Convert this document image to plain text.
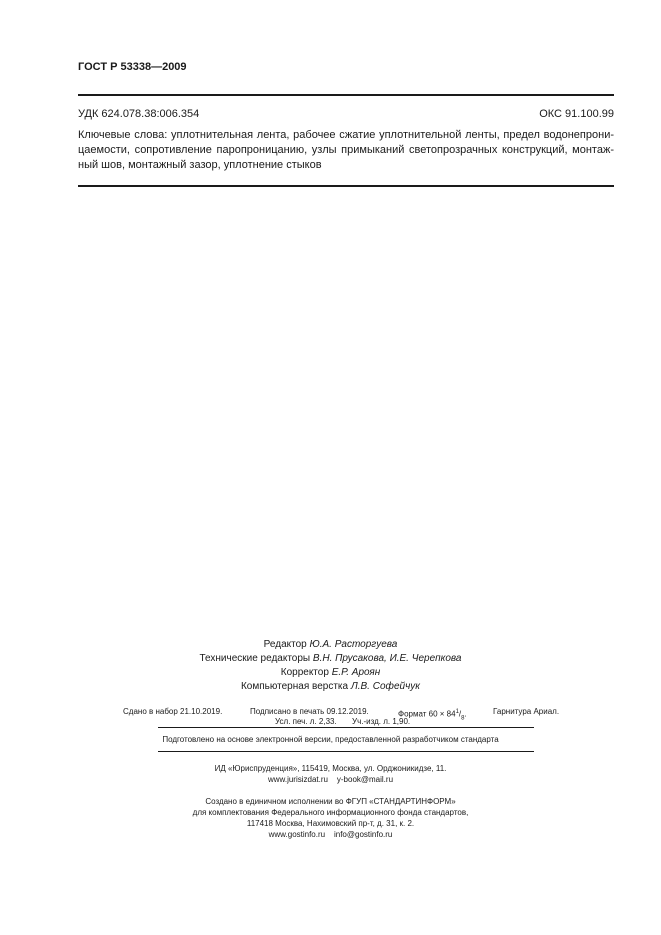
ГОСТ Р 53338—2009
УДК 624.078.38:006.354	ОКС 91.100.99
Ключевые слова: уплотнительная лента, рабочее сжатие уплотнительной ленты, предел водонепрони-
цаемости, сопротивление паропроницанию, узлы примыканий светопрозрачных конструкций, монтаж-
ный шов, монтажный зазор, уплотнение стыков
Редактор Ю.А. Расторгуева
Технические редакторы В.Н. Прусакова, И.Е. Черепкова
Корректор Е.Р. Ароян
Компьютерная верстка Л.В. Софейчук
Сдано в набор 21.10.2019.	Подписано в печать 09.12.2019.	Формат $60 \times 84^1/_8$.	Гарнитура Ариал.
Усл. печ. л. 2,33. Уч.-изд. л. 1,90.
Подготовлено на основе электронной версии, предоставленной разработчиком стандарта
ИД «Юриспруденция», 115419, Москва, ул. Орджоникидзе, 11.
www.jurisizdat.ru y-book@mail.ru
Создано в единичном исполнении во ФГУП «СТАНДАРТИНФОРМ»
для комплектования Федерального информационного фонда стандартов,
117418 Москва, Нахимовский пр-т, д. 31, к. 2.
www.gostinfo.ru info@gostinfo.ru
